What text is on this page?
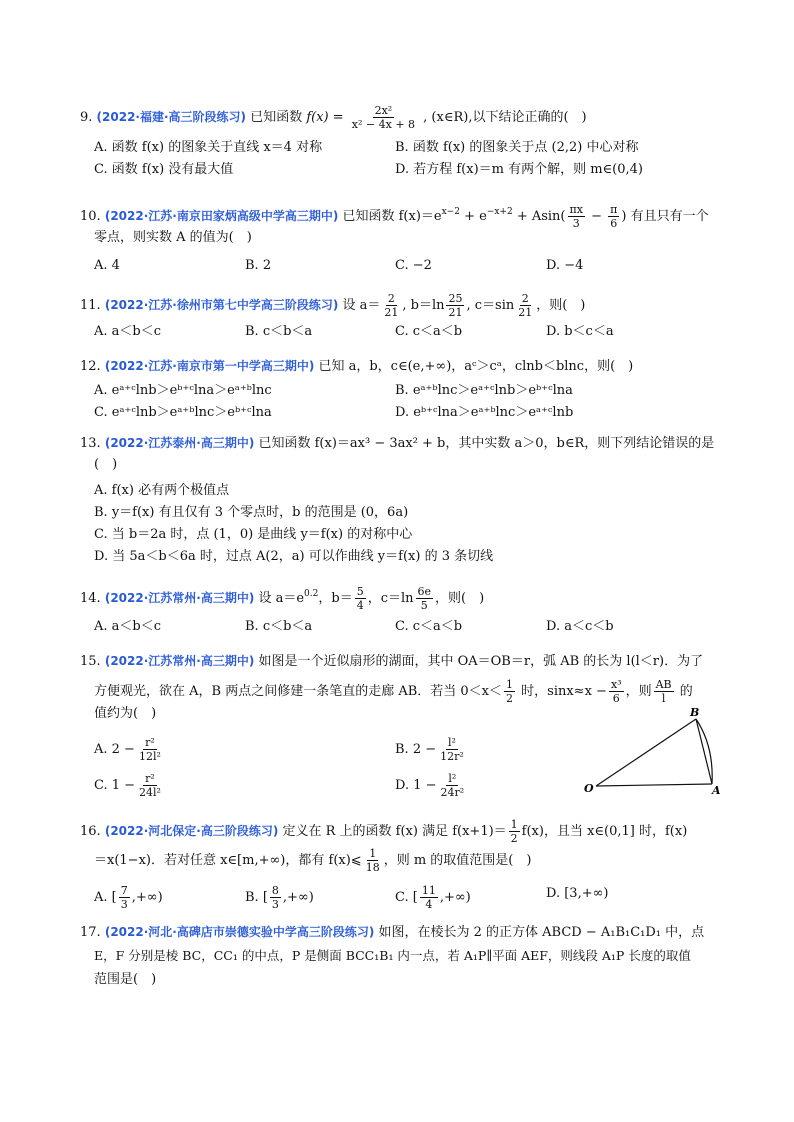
9. (2022·福建·高三阶段练习) 已知函数 $f(x) = \frac{\text{2x²}}{\text{x² − 4x + 8}}$ , (x∈R),以下结论正确的(　)
A. 函数 f(x) 的图象关于直线 x＝4 对称	B. 函数 f(x) 的图象关于点 (2,2) 中心对称
C. 函数 f(x) 没有最大值	D. 若方程 f(x)＝m 有两个解，则 m∈(0,4)
10. (2022·江苏·南京田家炳高级中学高三期中) 已知函数 $f(x)=e^{x-2} + e^{-x+2} + Asin( \frac{\pi x}{3} - \frac{\pi}{6}$ ) 有且只有一个
零点，则实数 A 的值为(　)
A. 4	B. 2	C. −2	D. −4
11. (2022·江苏·徐州市第七中学高三阶段练习) 设 $a= \frac{2}{21}$ , $b=\ln \frac{25}{21}$ , $c=\sin \frac{2}{21}$ ，则(　)
A. a＜b＜c	B. c＜b＜a	C. c＜a＜b	D. b＜c＜a
12. (2022·江苏·南京市第一中学高三期中) 已知 a，b，c∈(e,+∞)，aᶜ＞cᵃ，clnb＜blnc，则(　)
A. eᵃ⁺ᶜlnb＞eᵇ⁺ᶜlna＞eᵃ⁺ᵇlnc	B. eᵃ⁺ᵇlnc＞eᵃ⁺ᶜlnb＞eᵇ⁺ᶜlna
C. eᵃ⁺ᶜlnb＞eᵃ⁺ᵇlnc＞eᵇ⁺ᶜlna	D. eᵇ⁺ᶜlna＞eᵃ⁺ᵇlnc＞eᵃ⁺ᶜlnb
13. (2022·江苏泰州·高三期中) 已知函数 f(x)＝ax³ − 3ax² + b，其中实数 a＞0，b∈R，则下列结论错误的是
(　)
A. f(x) 必有两个极值点
B. y＝f(x) 有且仅有 3 个零点时，b 的范围是 (0，6a)
C. 当 b＝2a 时，点 (1，0) 是曲线 y＝f(x) 的对称中心
D. 当 5a＜b＜6a 时，过点 A(2，a) 可以作曲线 y＝f(x) 的 3 条切线
14. (2022·江苏常州·高三期中) 设 $a=e^{0.2}$，$b= \frac{5}{4}$ ，$c=\ln \frac{6e}{5}$ ，则(　)
A. a＜b＜c	B. c＜b＜a	C. c＜a＜b	D. a＜c＜b
15. (2022·江苏常州·高三期中) 如图是一个近似扇形的湖面，其中 OA＝OB＝r，弧 AB 的长为 l(l＜r)．为了
方便观光，欲在 A，B 两点之间修建一条笔直的走廊 AB．若当 $0<x< \frac{1}{2}$ 时，$\sin x\approx x - \frac{\text{x³}}{6}$ ，则 $\frac{AB}{l}$ 的
值约为(　)
A. $2 - \frac{\text{r²}}{\text{12l²}}$	B. $2 - \frac{\text{l²}}{\text{12r²}}$
C. $1 - \frac{\text{r²}}{\text{24l²}}$	D. $1 - \frac{\text{l²}}{\text{24r²}}$
B
O	A
16. (2022·河北保定·高三阶段练习) 定义在 R 上的函数 f(x) 满足 $f(x+1)= \frac{1}{2} f(x)$，且当 x∈(0,1] 时，f(x)
＝x(1−x)．若对任意 x∈[m,+∞)，都有 f(x)⩽ $\frac{1}{18}$ ，则 m 的取值范围是(　)
A. [ $\frac{7}{3}$ ,+∞)	B. [ $\frac{8}{3}$ ,+∞)	C. [ $\frac{11}{4}$ ,+∞)	D. [3,+∞)
17. (2022·河北·高碑店市崇德实验中学高三阶段练习) 如图，在棱长为 2 的正方体 ABCD − A₁B₁C₁D₁ 中，点
E，F 分别是棱 BC，CC₁ 的中点，P 是侧面 BCC₁B₁ 内一点，若 A₁P∥平面 AEF，则线段 A₁P 长度的取值
范围是(　)
